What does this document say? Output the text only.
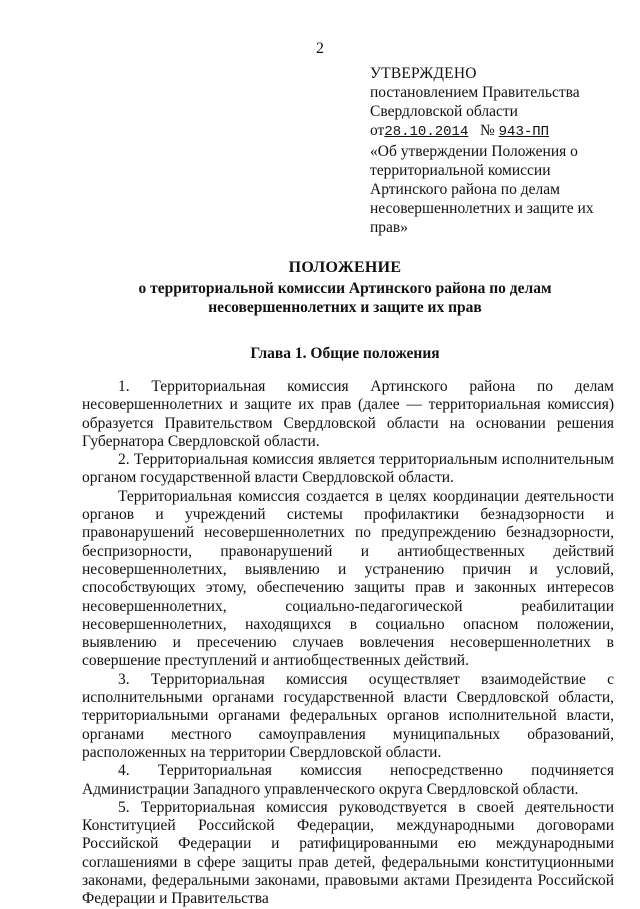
2
УТВЕРЖДЕНО
постановлением Правительства
Свердловской области
от28.10.2014 № 943-ПП
«Об утверждении Положения о территориальной комиссии Артинского района по делам несовершеннолетних и защите их прав»
ПОЛОЖЕНИЕ
о территориальной комиссии Артинского района по делам несовершеннолетних и защите их прав
Глава 1. Общие положения

1. Территориальная комиссия Артинского района по делам несовершеннолетних и защите их прав (далее — территориальная комиссия) образуется Правительством Свердловской области на основании решения Губернатора Свердловской области.

2. Территориальная комиссия является территориальным исполнительным органом государственной власти Свердловской области.

Территориальная комиссия создается в целях координации деятельности органов и учреждений системы профилактики безнадзорности и правонарушений несовершеннолетних по предупреждению безнадзорности, беспризорности, правонарушений и антиобщественных действий несовершеннолетних, выявлению и устранению причин и условий, способствующих этому, обеспечению защиты прав и законных интересов несовершеннолетних, социально-педагогической реабилитации несовершеннолетних, находящихся в социально опасном положении, выявлению и пресечению случаев вовлечения несовершеннолетних в совершение преступлений и антиобщественных действий.

3. Территориальная комиссия осуществляет взаимодействие с исполнительными органами государственной власти Свердловской области, территориальными органами федеральных органов исполнительной власти, органами местного самоуправления муниципальных образований, расположенных на территории Свердловской области.

4. Территориальная комиссия непосредственно подчиняется Администрации Западного управленческого округа Свердловской области.

5. Территориальная комиссия руководствуется в своей деятельности Конституцией Российской Федерации, международными договорами Российской Федерации и ратифицированными ею международными соглашениями в сфере защиты прав детей, федеральными конституционными законами, федеральными законами, правовыми актами Президента Российской Федерации и Правительства
